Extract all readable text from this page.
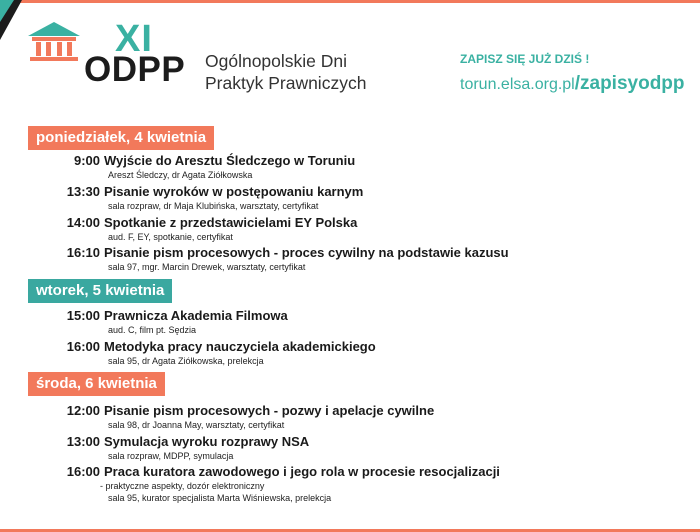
XI
ODPP Ogólnopolskie Dni
Praktyk Prawniczych
ZAPISZ SIĘ JUŻ DZIŚ !
torun.elsa.org.pl/zapisyodpp
poniedziałek, 4 kwietnia
9:00 Wyjście do Aresztu Śledczego w Toruniu
Areszt Śledczy, dr Agata Ziółkowska
13:30 Pisanie wyroków w postępowaniu karnym
sala rozpraw, dr Maja Klubińska, warsztaty, certyfikat
14:00 Spotkanie z przedstawicielami EY Polska
aud. F, EY, spotkanie, certyfikat
16:10 Pisanie pism procesowych - proces cywilny na podstawie kazusu
sala 97, mgr. Marcin Drewek, warsztaty, certyfikat
wtorek, 5 kwietnia
15:00 Prawnicza Akademia Filmowa
aud. C, film pt. Sędzia
16:00 Metodyka pracy nauczyciela akademickiego
sala 95, dr Agata Ziółkowska, prelekcja
środa, 6 kwietnia
12:00 Pisanie pism procesowych - pozwy i apelacje cywilne
sala 98, dr Joanna May, warsztaty, certyfikat
13:00 Symulacja wyroku rozprawy NSA
sala rozpraw, MDPP, symulacja
16:00 Praca kuratora zawodowego i jego rola w procesie resocjalizacji
- praktyczne aspekty, dozór elektroniczny
sala 95, kurator specjalista Marta Wiśniewska, prelekcja
